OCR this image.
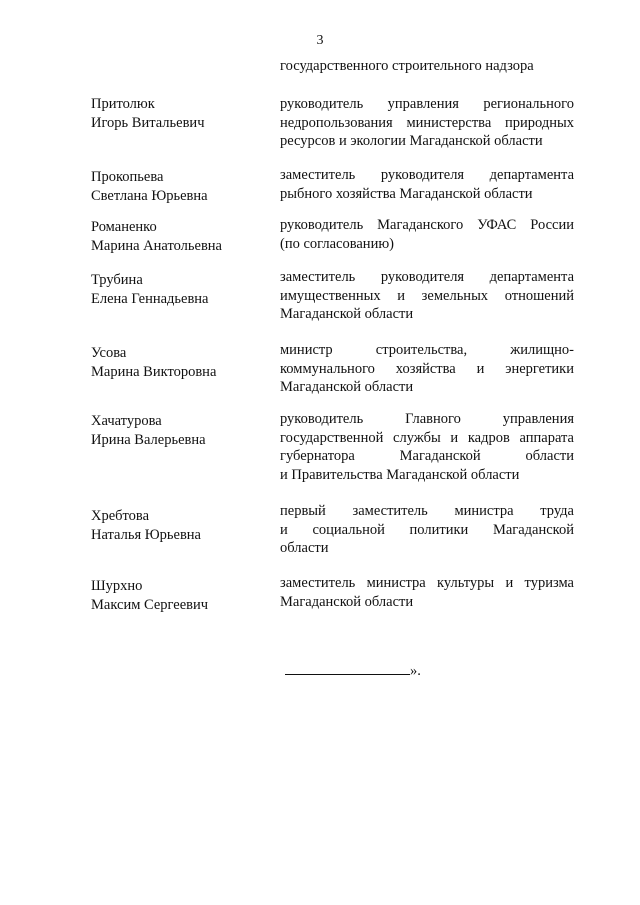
3
государственного строительного надзора
Притолюк
Игорь Витальевич
руководитель управления регионального
недропользования министерства природных
ресурсов и экологии Магаданской области
Прокопьева
Светлана Юрьевна
заместитель руководителя департамента
рыбного хозяйства Магаданской области
Романенко
Марина Анатольевна
руководитель Магаданского УФАС России
(по согласованию)
Трубина
Елена Геннадьевна
заместитель руководителя департамента
имущественных и земельных отношений
Магаданской области
Усова
Марина Викторовна
министр строительства, жилищно-
коммунального хозяйства и энергетики
Магаданской области
Хачатурова
Ирина Валерьевна
руководитель Главного управления
государственной службы и кадров аппарата
губернатора Магаданской области
и Правительства Магаданской области
Хребтова
Наталья Юрьевна
первый заместитель министра труда
и социальной политики Магаданской
области
Шурхно
Максим Сергеевич
заместитель министра культуры и туризма
Магаданской области
».
